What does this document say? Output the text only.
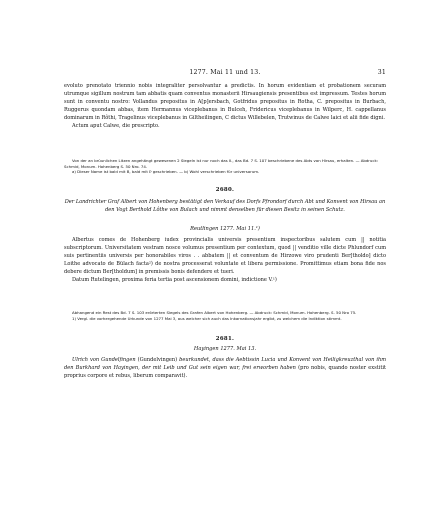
1277. Mai 11 und 13.	31

evoluto prenotato triennio nobis integraliter persolvantur a predictis. In horum evidentiam et probationem securam utrumque sigillum nostrum tam abbatis quam conventus monasterii Hirsaugiensis presentibus est impressum. Testes horum sunt in conventu nostro: Vollandus prepositus in A[p]ersbach, Gotfridus prepositus in Rotha, C. prepositus in Burbach, Ruggerus quondam abbas, item Hermannus viceplebanus in Bulceh, Fridericus viceplebanus in Wilperc, H. cappellanus dominarum in Rôthi, Tragelinus viceplebanus in Giltheilingen, C dictus Willebelen, Trutwinus de Calwe laici et alii fide digni.

Actum aput Calwe, die prescripto.

Von der an brûunlichen Litzen angehängt gewesenen 2 Siegeln ist nur noch das II., das Bd. 7 S. 107 beschriebene des Abts von Hirsau, erhalten. — Abdruck: Schmid, Monum. Hohenberg S. 50 Nro. 74.

a) Dieser Name ist bald mit B, bald mit Þ geschrieben. — b) Wohl verschrieben für universorum.

2680.
Der Landrichter Graf Albert von Hohenberg bestätigt den Verkauf des Dorfs Pfrondorf durch Abt und Konvent von Hirsau an den Vogt Berthold Lôthe von Bulach und nimmt denselben für diesen Besitz in seinen Schutz.
Reutlingen 1277. Mai 11.¹)

Albertus comes de Hohenberg iudex provincialis universis presentium inspectoribus salutem cum || notitia subscriptorum. Universitatem vestram nosce volumus presentium per contextum, quod || venditio ville dicte Phlundorf cum suis pertinentiis universis per honorabiles viros . . abbatem || et conventum de Hirzowe viro prudenti Ber[tholdo] dicto Loithe advocato de Bülach facta²) de nostra processerat voluntate et libera permissione. Promittimus etiam bona fide nos debere dictum Ber[tholdum] in premissis bonis defendere et tueri.

Datum Rutelingen, proxima feria tertia post ascensionem domini, indictione V.¹)

Abhangend ein Rest des Bd. 7 S. 103 erörterten Siegels des Grafen Albert von Hohenberg. — Abdruck: Schmid, Monum. Hohenberg. S. 50 Nro 75.

1) Vergl. die vorhergehende Urkunde von 1277 Mai 3, aus welcher sich auch das Inkarnationsjahr ergibt, zu welchem die Indiktion stimmt.

2681.
Hayingen 1277. Mai 13.

Ulrich von Gundelfingen (Gundelvingen) beurkundet, dass die Aebtissin Lucia und Konvent von Heiligkreuzthal von ihm den Burkhard von Hayingen, der mit Leib und Gut sein eigen war, frei erworben haben (pro nobis, quando noster exstitit proprius corpore et rebus, liberum comparavit).
